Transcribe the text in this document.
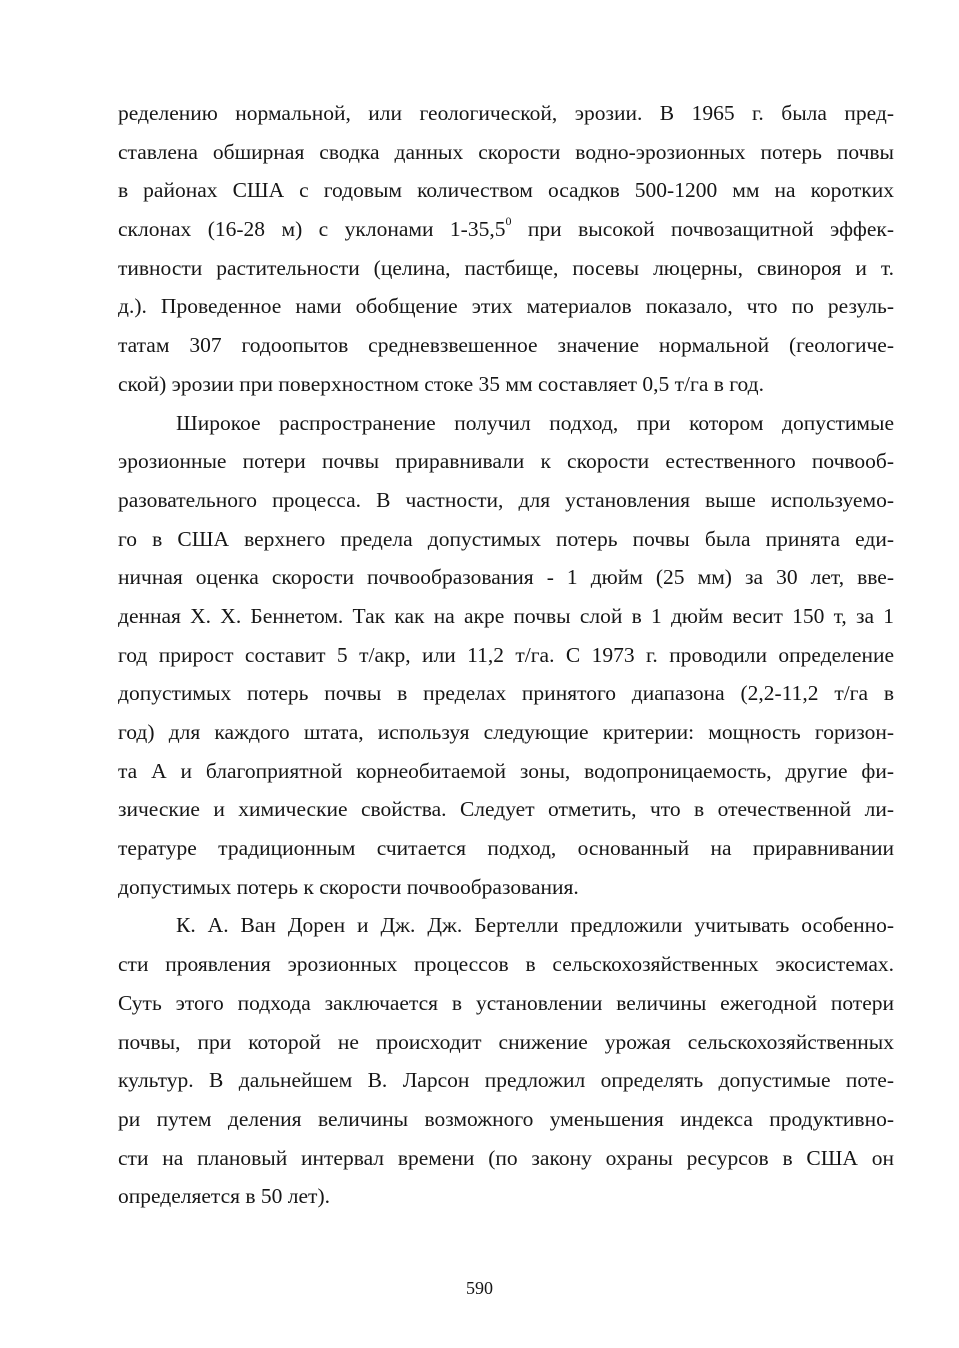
ределению нормальной, или геологической, эрозии. В 1965 г. была пред-
ставлена обширная сводка данных скорости водно-эрозионных потерь почвы
в районах США с годовым количеством осадков 500-1200 мм на коротких
склонах (16-28 м) с уклонами 1-35,5$^0$ при высокой почвозащитной эффек-
тивности растительности (целина, пастбище, посевы люцерны, свинороя и т.
д.). Проведенное нами обобщение этих материалов показало, что по резуль-
татам 307 годоопытов средневзвешенное значение нормальной (геологиче-
ской) эрозии при поверхностном стоке 35 мм составляет 0,5 т/га в год.
Широкое распространение получил подход, при котором допустимые
эрозионные потери почвы приравнивали к скорости естественного почвооб-
разовательного процесса. В частности, для установления выше используемо-
го в США верхнего предела допустимых потерь почвы была принята еди-
ничная оценка скорости почвообразования - 1 дюйм (25 мм) за 30 лет, вве-
денная Х. Х. Беннетом. Так как на акре почвы слой в 1 дюйм весит 150 т, за 1
год прирост составит 5 т/акр, или 11,2 т/га. С 1973 г. проводили определение
допустимых потерь почвы в пределах принятого диапазона (2,2-11,2 т/га в
год) для каждого штата, используя следующие критерии: мощность горизон-
та А и благоприятной корнеобитаемой зоны, водопроницаемость, другие фи-
зические и химические свойства. Следует отметить, что в отечественной ли-
тературе традиционным считается подход, основанный на приравнивании
допустимых потерь к скорости почвообразования.
К. А. Ван Дорен и Дж. Дж. Бертелли предложили учитывать особенно-
сти проявления эрозионных процессов в сельскохозяйственных экосистемах.
Суть этого подхода заключается в установлении величины ежегодной потери
почвы, при которой не происходит снижение урожая сельскохозяйственных
культур. В дальнейшем В. Ларсон предложил определять допустимые поте-
ри путем деления величины возможного уменьшения индекса продуктивно-
сти на плановый интервал времени (по закону охраны ресурсов в США он
определяется в 50 лет).
590
